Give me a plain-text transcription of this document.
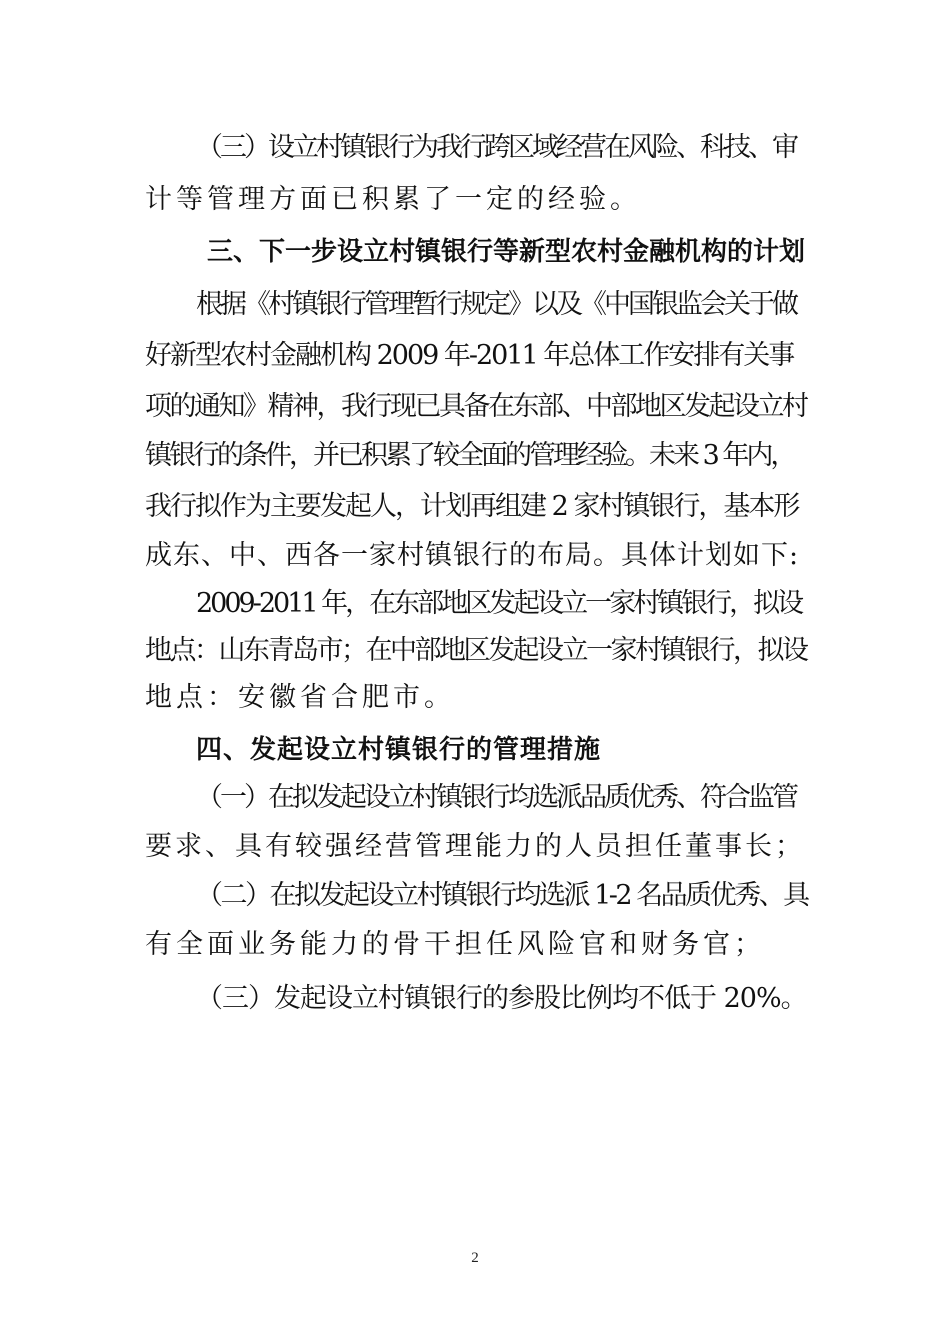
（三）设立村镇银行为我行跨区域经营在风险、科技、审
计等管理方面已积累了一定的经验。
三、下一步设立村镇银行等新型农村金融机构的计划
根据《村镇银行管理暂行规定》以及《中国银监会关于做
好新型农村金融机构 2009 年-2011 年总体工作安排有关事
项的通知》精神，我行现已具备在东部、中部地区发起设立村
镇银行的条件，并已积累了较全面的管理经验。未来 3 年内，
我行拟作为主要发起人，计划再组建 2 家村镇银行，基本形
成东、中、西各一家村镇银行的布局。具体计划如下:
2009-2011 年，在东部地区发起设立一家村镇银行，拟设
地点：山东青岛市；在中部地区发起设立一家村镇银行，拟设
地点：安徽省合肥市。
四、发起设立村镇银行的管理措施
（一）在拟发起设立村镇银行均选派品质优秀、符合监管
要求、具有较强经营管理能力的人员担任董事长；
（二）在拟发起设立村镇银行均选派 1-2 名品质优秀、具
有全面业务能力的骨干担任风险官和财务官；
（三）发起设立村镇银行的参股比例均不低于 20%。
2
